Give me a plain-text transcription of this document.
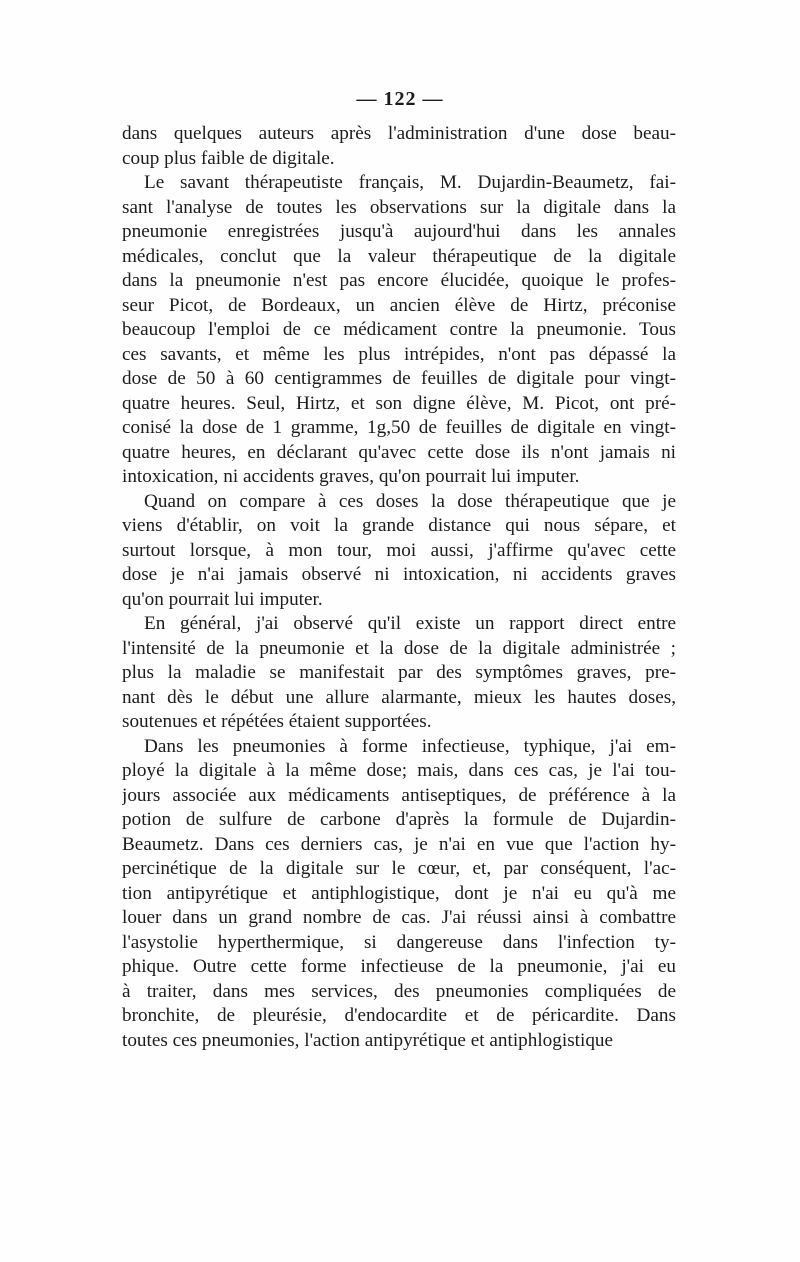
— 122 —

dans quelques auteurs après l'administration d'une dose beau-
coup plus faible de digitale.

Le savant thérapeutiste français, M. Dujardin-Beaumetz, fai-
sant l'analyse de toutes les observations sur la digitale dans la
pneumonie enregistrées jusqu'à aujourd'hui dans les annales
médicales, conclut que la valeur thérapeutique de la digitale
dans la pneumonie n'est pas encore élucidée, quoique le profes-
seur Picot, de Bordeaux, un ancien élève de Hirtz, préconise
beaucoup l'emploi de ce médicament contre la pneumonie. Tous
ces savants, et même les plus intrépides, n'ont pas dépassé la
dose de 50 à 60 centigrammes de feuilles de digitale pour vingt-
quatre heures. Seul, Hirtz, et son digne élève, M. Picot, ont pré-
conisé la dose de 1 gramme, 1g,50 de feuilles de digitale en vingt-
quatre heures, en déclarant qu'avec cette dose ils n'ont jamais ni
intoxication, ni accidents graves, qu'on pourrait lui imputer.

Quand on compare à ces doses la dose thérapeutique que je
viens d'établir, on voit la grande distance qui nous sépare, et
surtout lorsque, à mon tour, moi aussi, j'affirme qu'avec cette
dose je n'ai jamais observé ni intoxication, ni accidents graves
qu'on pourrait lui imputer.

En général, j'ai observé qu'il existe un rapport direct entre
l'intensité de la pneumonie et la dose de la digitale administrée ;
plus la maladie se manifestait par des symptômes graves, pre-
nant dès le début une allure alarmante, mieux les hautes doses,
soutenues et répétées étaient supportées.

Dans les pneumonies à forme infectieuse, typhique, j'ai em-
ployé la digitale à la même dose; mais, dans ces cas, je l'ai tou-
jours associée aux médicaments antiseptiques, de préférence à la
potion de sulfure de carbone d'après la formule de Dujardin-
Beaumetz. Dans ces derniers cas, je n'ai en vue que l'action hy-
percinétique de la digitale sur le cœur, et, par conséquent, l'ac-
tion antipyrétique et antiphlogistique, dont je n'ai eu qu'à me
louer dans un grand nombre de cas. J'ai réussi ainsi à combattre
l'asystolie hyperthermique, si dangereuse dans l'infection ty-
phique. Outre cette forme infectieuse de la pneumonie, j'ai eu
à traiter, dans mes services, des pneumonies compliquées de
bronchite, de pleurésie, d'endocardite et de péricardite. Dans
toutes ces pneumonies, l'action antipyrétique et antiphlogistique
